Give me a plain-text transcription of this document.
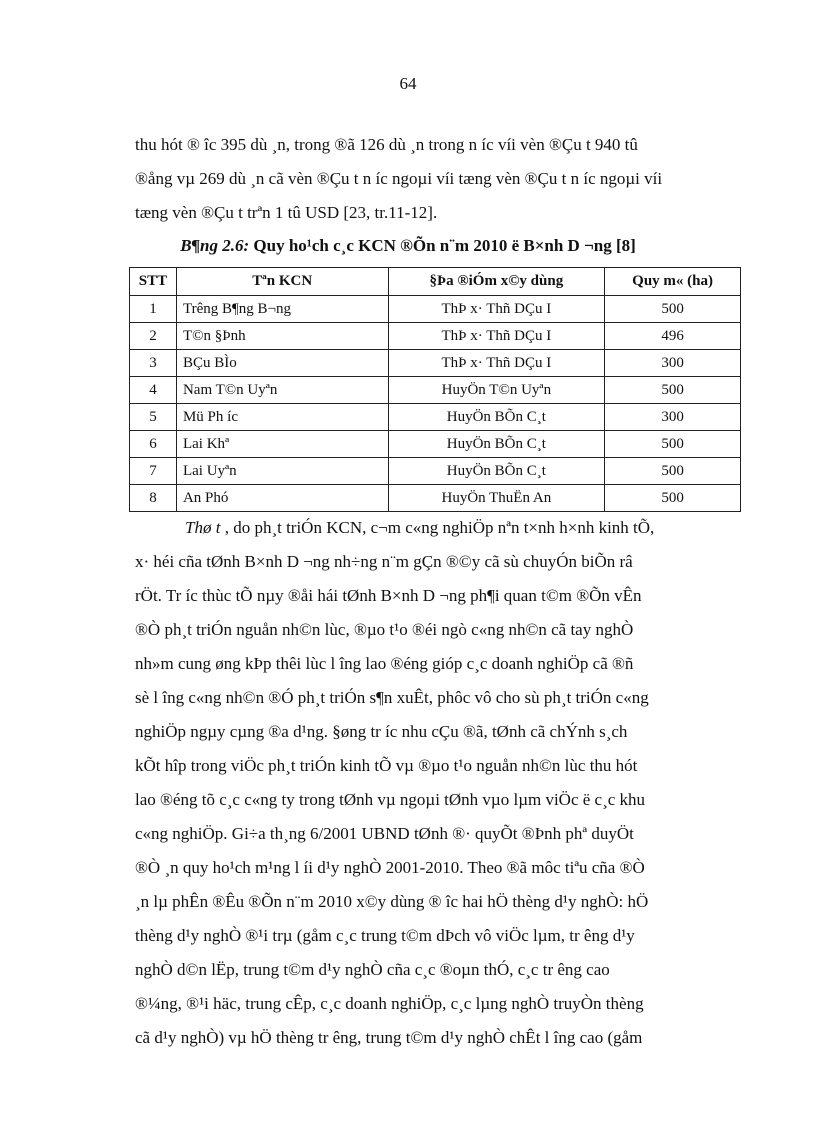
64
thu hót ® îc 395 dù ¸n, trong ®ã 126 dù ¸n trong n íc víi vèn ®Çu t 940 tû
®ång vµ 269 dù ¸n cã vèn ®Çu t n íc ngoµi víi tæng vèn ®Çu t n íc ngoµi víi
tæng vèn ®Çu t trªn 1 tû USD [23, tr.11-12].
B¶ng 2.6: Quy ho¹ch c¸c KCN ®Õn n¨m 2010 ë B×nh D ¬ng [8]
STT	Tªn KCN	§Þa ®iÓm x©y dùng	Quy m« (ha)
1	Trêng B¶ng B¬ng	ThÞ x· Thñ DÇu I	500
2	T©n §Þnh	ThÞ x· Thñ DÇu I	496
3	BÇu BÌo	ThÞ x· Thñ DÇu I	300
4	Nam T©n Uyªn	HuyÖn T©n Uyªn	500
5	Mü Ph íc	HuyÖn BÕn C¸t	300
6	Lai Khª	HuyÖn BÕn C¸t	500
7	Lai Uyªn	HuyÖn BÕn C¸t	500
8	An Phó	HuyÖn ThuËn An	500
Thø t , do ph¸t triÓn KCN, c¬m c«ng nghiÖp nªn t×nh h×nh kinh tÕ,
x· héi cña tØnh B×nh D ¬ng nh÷ng n¨m gÇn ®©y cã sù chuyÓn biÕn râ
rÖt. Tr íc thùc tÕ nµy ®åi hái tØnh B×nh D ¬ng ph¶i quan t©m ®Õn vÊn
®Ò ph¸t triÓn nguån nh©n lùc, ®µo t¹o ®éi ngò c«ng nh©n cã tay nghÒ
nh»m cung øng kÞp thêi lùc l îng lao ®éng gióp c¸c doanh nghiÖp cã ®ñ
sè l îng c«ng nh©n ®Ó ph¸t triÓn s¶n xuÊt, phôc vô cho sù ph¸t triÓn c«ng
nghiÖp ngµy cµng ®a d¹ng. §øng tr íc nhu cÇu ®ã, tØnh cã chÝnh s¸ch
kÕt hîp trong viÖc ph¸t triÓn kinh tÕ vµ ®µo t¹o nguån nh©n lùc thu hót
lao ®éng tõ c¸c c«ng ty trong tØnh vµ ngoµi tØnh vµo lµm viÖc ë c¸c khu
c«ng nghiÖp. Gi÷a th¸ng 6/2001 UBND tØnh ®· quyÕt ®Þnh phª duyÖt
®Ò ¸n quy ho¹ch m¹ng l íi d¹y nghÒ 2001-2010. Theo ®ã môc tiªu cña ®Ò
¸n lµ phÊn ®Êu ®Õn n¨m 2010 x©y dùng ® îc hai hÖ thèng d¹y nghÒ: hÖ
thèng d¹y nghÒ ®¹i trµ (gåm c¸c trung t©m dÞch vô viÖc lµm, tr êng d¹y
nghÒ d©n lËp, trung t©m d¹y nghÒ cña c¸c ®oµn thÓ, c¸c tr êng cao
®¼ng, ®¹i häc, trung cÊp, c¸c doanh nghiÖp, c¸c lµng nghÒ truyÒn thèng
cã d¹y nghÒ) vµ hÖ thèng tr êng, trung t©m d¹y nghÒ chÊt l îng cao (gåm
